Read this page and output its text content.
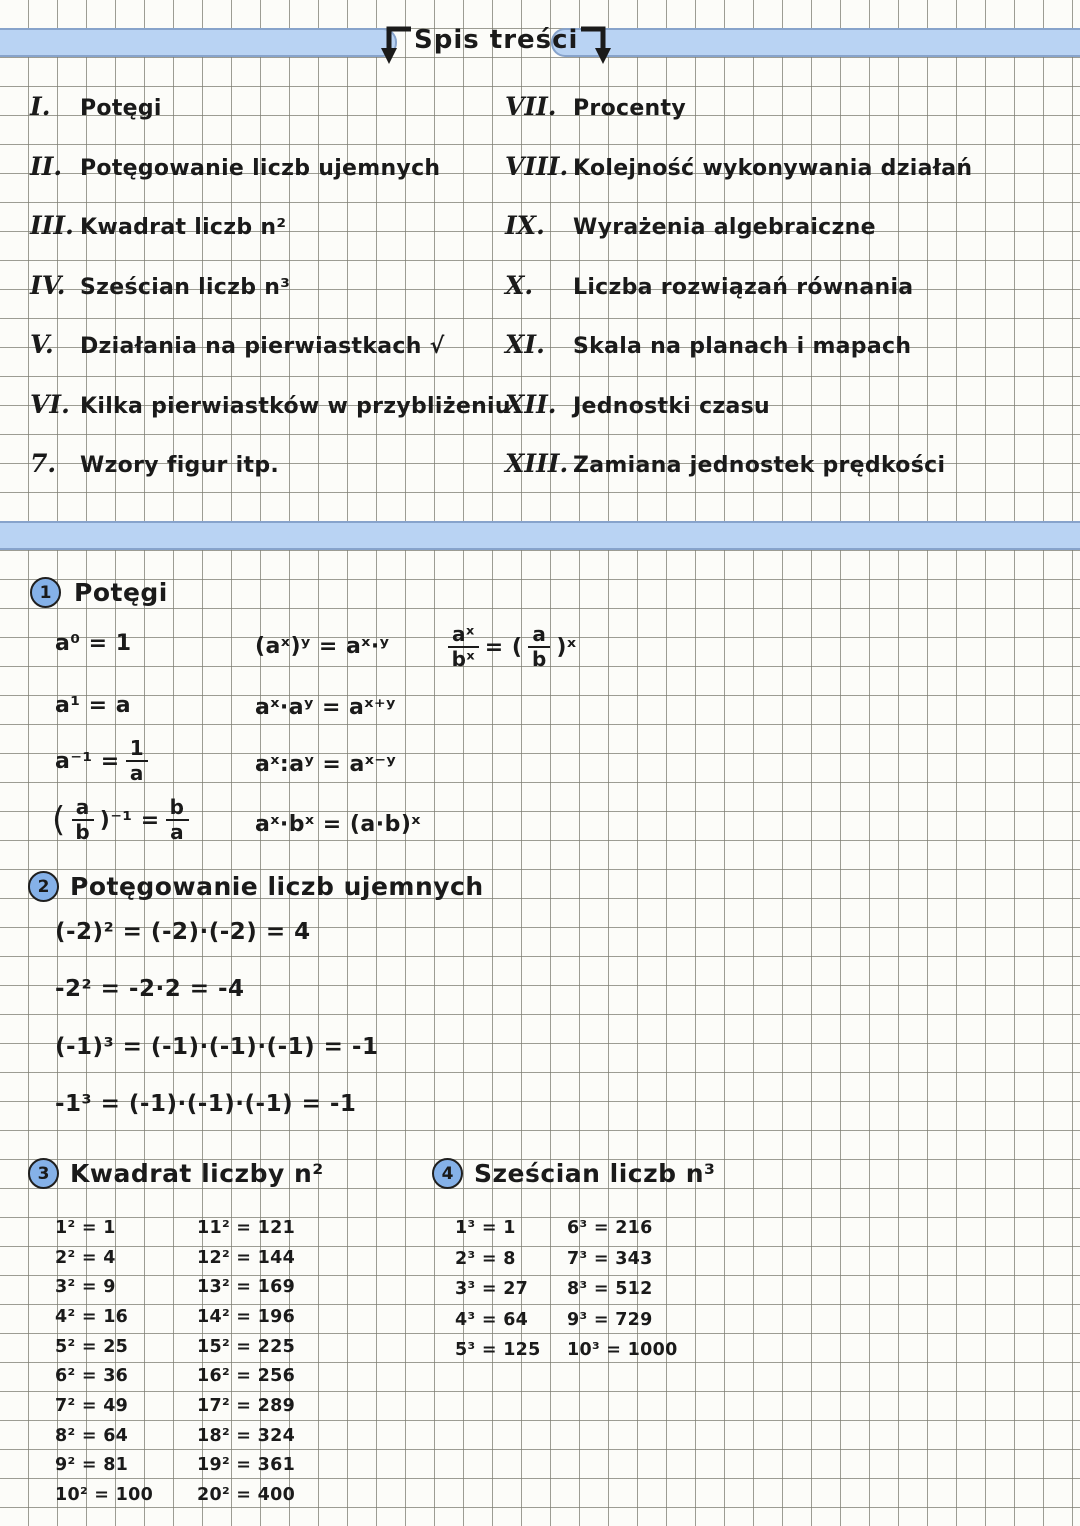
Spis treści
I.	Potęgi
II. Potęgowanie liczb ujemnych
III. Kwadrat liczb n²
IV. Sześcian liczb n³
V.	Działania na pierwiastkach √
VI. Kilka pierwiastków w przybliżeniu
7.	Wzory figur itp.
VII. Procenty
VIII. Kolejność wykonywania działań
IX.	Wyrażenia algebraiczne
X.	Liczba rozwiązań równania
XI.	Skala na planach i mapach
XII. Jednostki czasu
XIII. Zamiana jednostek prędkości
1 Potęgi
a⁰ = 1
a¹ = a
$a^{-1} = \frac{1}{a}$
( $\frac{a}{b} )^{-1} = \frac{b}{a}$
(aˣ)ʸ = aˣ·ʸ
aˣ·aʸ = aˣ⁺ʸ
aˣ:aʸ = aˣ⁻ʸ
aˣ·bˣ = (a·b)ˣ
$\frac{\text{aˣ}}{\text{bˣ}}$ = ( $\frac{a}{b}$ )ˣ
2 Potęgowanie liczb ujemnych
(-2)² = (-2)·(-2) = 4
-2² = -2·2 = -4
(-1)³ = (-1)·(-1)·(-1) = -1
-1³ = (-1)·(-1)·(-1) = -1
3 Kwadrat liczby n²
1² = 1
2² = 4
3² = 9
4² = 16
5² = 25
6² = 36
7² = 49
8² = 64
9² = 81
10² = 100
11² = 121
12² = 144
13² = 169
14² = 196
15² = 225
16² = 256
17² = 289
18² = 324
19² = 361
20² = 400
4 Sześcian liczb n³
1³ = 1
2³ = 8
3³ = 27
4³ = 64
5³ = 125
6³ = 216
7³ = 343
8³ = 512
9³ = 729
10³ = 1000
